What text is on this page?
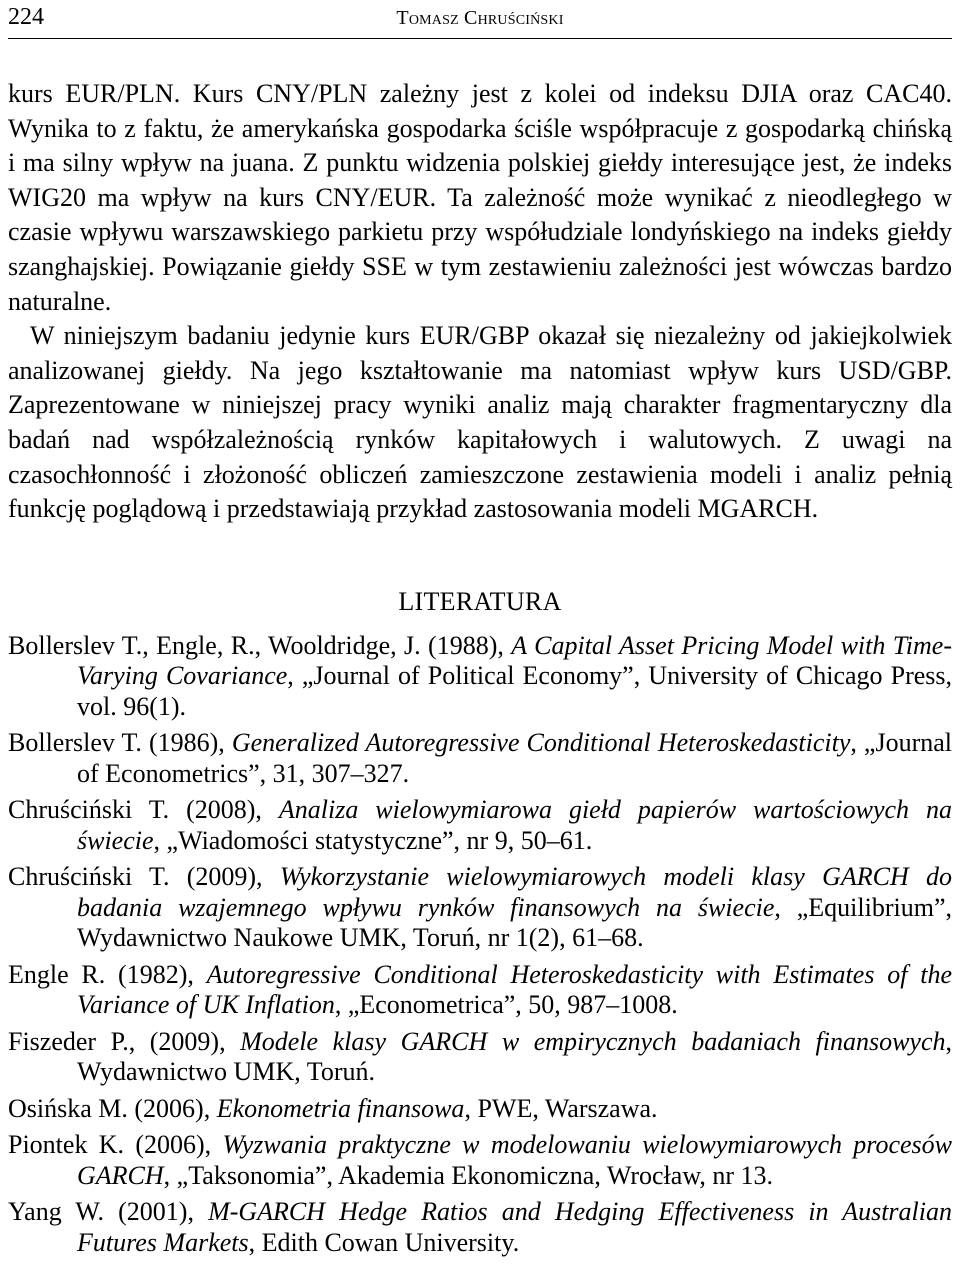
224	Tomasz Chruściński

kurs EUR/PLN. Kurs CNY/PLN zależny jest z kolei od indeksu DJIA oraz CAC40. Wynika to z faktu, że amerykańska gospodarka ściśle współpracuje z gospodarką chińską i ma silny wpływ na juana. Z punktu widzenia polskiej giełdy interesujące jest, że indeks WIG20 ma wpływ na kurs CNY/EUR. Ta zależność może wynikać z nieodległego w czasie wpływu warszawskiego parkietu przy współudziale londyńskiego na indeks giełdy szanghajskiej. Powiązanie giełdy SSE w tym zestawieniu zależności jest wówczas bardzo naturalne.

W niniejszym badaniu jedynie kurs EUR/GBP okazał się niezależny od jakiejkolwiek analizowanej giełdy. Na jego kształtowanie ma natomiast wpływ kurs USD/GBP. Zaprezentowane w niniejszej pracy wyniki analiz mają charakter fragmentaryczny dla badań nad współzależnością rynków kapitałowych i walutowych. Z uwagi na czasochłonność i złożoność obliczeń zamieszczone zestawienia modeli i analiz pełnią funkcję poglądową i przedstawiają przykład zastosowania modeli MGARCH.

LITERATURA
Bollerslev T., Engle, R., Wooldridge, J. (1988), A Capital Asset Pricing Model with Time-Varying Covariance, „Journal of Political Economy”, University of Chicago Press, vol. 96(1).
Bollerslev T. (1986), Generalized Autoregressive Conditional Heteroskedasticity, „Journal of Econometrics”, 31, 307–327.
Chruściński T. (2008), Analiza wielowymiarowa giełd papierów wartościowych na świecie, „Wiadomości statystyczne”, nr 9, 50–61.
Chruściński T. (2009), Wykorzystanie wielowymiarowych modeli klasy GARCH do badania wzajemnego wpływu rynków finansowych na świecie, „Equilibrium”, Wydawnictwo Naukowe UMK, Toruń, nr 1(2), 61–68.
Engle R. (1982), Autoregressive Conditional Heteroskedasticity with Estimates of the Variance of UK Inflation, „Econometrica”, 50, 987–1008.
Fiszeder P., (2009), Modele klasy GARCH w empirycznych badaniach finansowych, Wydawnictwo UMK, Toruń.
Osińska M. (2006), Ekonometria finansowa, PWE, Warszawa.
Piontek K. (2006), Wyzwania praktyczne w modelowaniu wielowymiarowych procesów GARCH, „Taksonomia”, Akademia Ekonomiczna, Wrocław, nr 13.
Yang W. (2001), M-GARCH Hedge Ratios and Hedging Effectiveness in Australian Futures Markets, Edith Cowan University.
